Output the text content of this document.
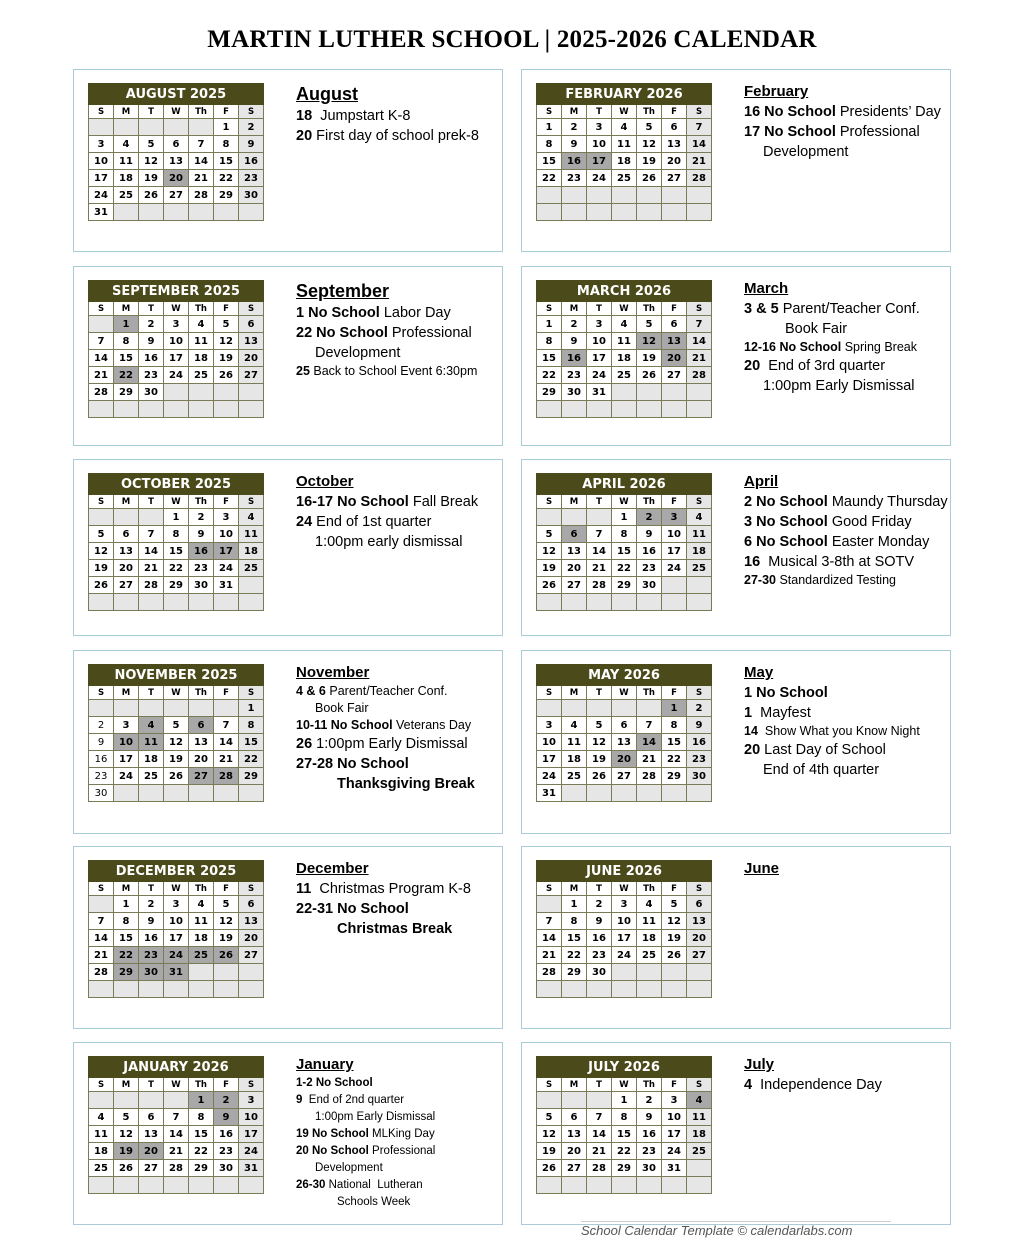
MARTIN LUTHER SCHOOL | 2025-2026 CALENDAR
AUGUST 2025						
S	M	T	W	Th	F	S
					1	2
3	4	5	6	7	8	9
10	11	12	13	14	15	16
17	18	19	20	21	22	23
24	25	26	27	28	29	30
31						
August
18  Jumpstart K-8
20 First day of school prek-8
FEBRUARY 2026						
S	M	T	W	Th	F	S
1	2	3	4	5	6	7
8	9	10	11	12	13	14
15	16	17	18	19	20	21
22	23	24	25	26	27	28

February
16 No School Presidents’ Day
17 No School Professional
Development
SEPTEMBER 2025						
S	M	T	W	Th	F	S
	1	2	3	4	5	6
7	8	9	10	11	12	13
14	15	16	17	18	19	20
21	22	23	24	25	26	27
28	29	30				

September
1 No School Labor Day
22 No School Professional
Development
25 Back to School Event 6:30pm
MARCH 2026						
S	M	T	W	Th	F	S
1	2	3	4	5	6	7
8	9	10	11	12	13	14
15	16	17	18	19	20	21
22	23	24	25	26	27	28
29	30	31				

March
3 & 5 Parent/Teacher Conf.
Book Fair
12-16 No School Spring Break
20  End of 3rd quarter
1:00pm Early Dismissal
OCTOBER 2025						
S	M	T	W	Th	F	S
			1	2	3	4
5	6	7	8	9	10	11
12	13	14	15	16	17	18
19	20	21	22	23	24	25
26	27	28	29	30	31	

October
16-17 No School Fall Break
24 End of 1st quarter
1:00pm early dismissal
APRIL 2026						
S	M	T	W	Th	F	S
			1	2	3	4
5	6	7	8	9	10	11
12	13	14	15	16	17	18
19	20	21	22	23	24	25
26	27	28	29	30		

April
2 No School Maundy Thursday
3 No School Good Friday
6 No School Easter Monday
16  Musical 3-8th at SOTV
27-30 Standardized Testing
NOVEMBER 2025						
S	M	T	W	Th	F	S
						1
2	3	4	5	6	7	8
9	10	11	12	13	14	15
16	17	18	19	20	21	22
23	24	25	26	27	28	29
30						
November
4 & 6 Parent/Teacher Conf.
Book Fair
10-11 No School Veterans Day
26 1:00pm Early Dismissal
27-28 No School
Thanksgiving Break
MAY 2026						
S	M	T	W	Th	F	S
					1	2
3	4	5	6	7	8	9
10	11	12	13	14	15	16
17	18	19	20	21	22	23
24	25	26	27	28	29	30
31						
May
1 No School
1  Mayfest
14  Show What you Know Night
20 Last Day of School
End of 4th quarter
DECEMBER 2025						
S	M	T	W	Th	F	S
	1	2	3	4	5	6
7	8	9	10	11	12	13
14	15	16	17	18	19	20
21	22	23	24	25	26	27
28	29	30	31			

December
11  Christmas Program K-8
22-31 No School
Christmas Break
JUNE 2026						
S	M	T	W	Th	F	S
	1	2	3	4	5	6
7	8	9	10	11	12	13
14	15	16	17	18	19	20
21	22	23	24	25	26	27
28	29	30				

June
JANUARY 2026						
S	M	T	W	Th	F	S
				1	2	3
4	5	6	7	8	9	10
11	12	13	14	15	16	17
18	19	20	21	22	23	24
25	26	27	28	29	30	31

January
1-2 No School
9  End of 2nd quarter
1:00pm Early Dismissal
19 No School MLKing Day
20 No School Professional
Development
26-30 National  Lutheran
Schools Week
JULY 2026						
S	M	T	W	Th	F	S
			1	2	3	4
5	6	7	8	9	10	11
12	13	14	15	16	17	18
19	20	21	22	23	24	25
26	27	28	29	30	31	

July
4  Independence Day
School Calendar Template © calendarlabs.com
